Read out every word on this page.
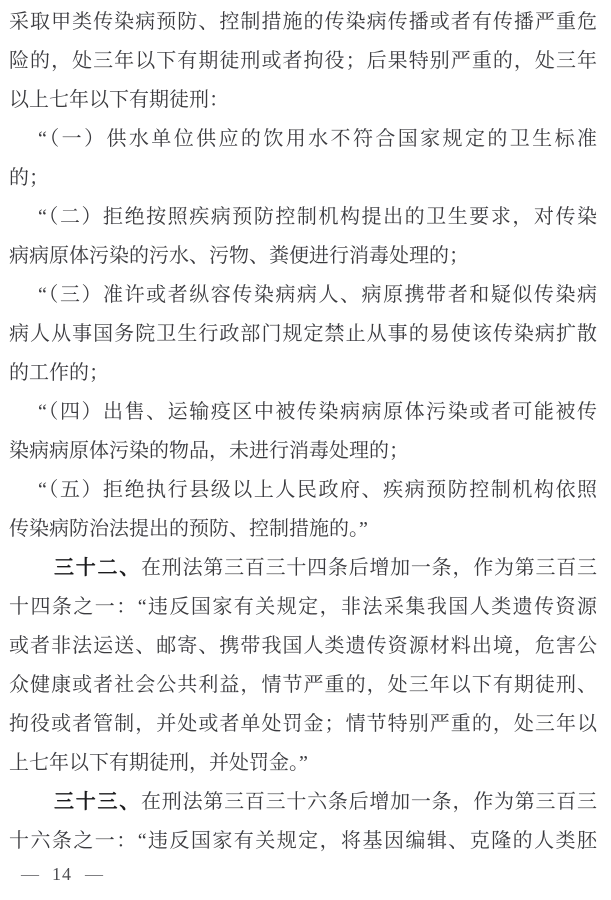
采取甲类传染病预防、控制措施的传染病传播或者有传播严重危
险的，处三年以下有期徒刑或者拘役；后果特别严重的，处三年
以上七年以下有期徒刑：
“（一）供水单位供应的饮用水不符合国家规定的卫生标准
的；
“（二）拒绝按照疾病预防控制机构提出的卫生要求，对传染
病病原体污染的污水、污物、粪便进行消毒处理的；
“（三）准许或者纵容传染病病人、病原携带者和疑似传染病
病人从事国务院卫生行政部门规定禁止从事的易使该传染病扩散
的工作的；
“（四）出售、运输疫区中被传染病病原体污染或者可能被传
染病病原体污染的物品，未进行消毒处理的；
“（五）拒绝执行县级以上人民政府、疾病预防控制机构依照
传染病防治法提出的预防、控制措施的。”
三十二、在刑法第三百三十四条后增加一条，作为第三百三
十四条之一：“违反国家有关规定，非法采集我国人类遗传资源
或者非法运送、邮寄、携带我国人类遗传资源材料出境，危害公
众健康或者社会公共利益，情节严重的，处三年以下有期徒刑、
拘役或者管制，并处或者单处罚金；情节特别严重的，处三年以
上七年以下有期徒刑，并处罚金。”
三十三、在刑法第三百三十六条后增加一条，作为第三百三
十六条之一：“违反国家有关规定，将基因编辑、克隆的人类胚
— 14 —
